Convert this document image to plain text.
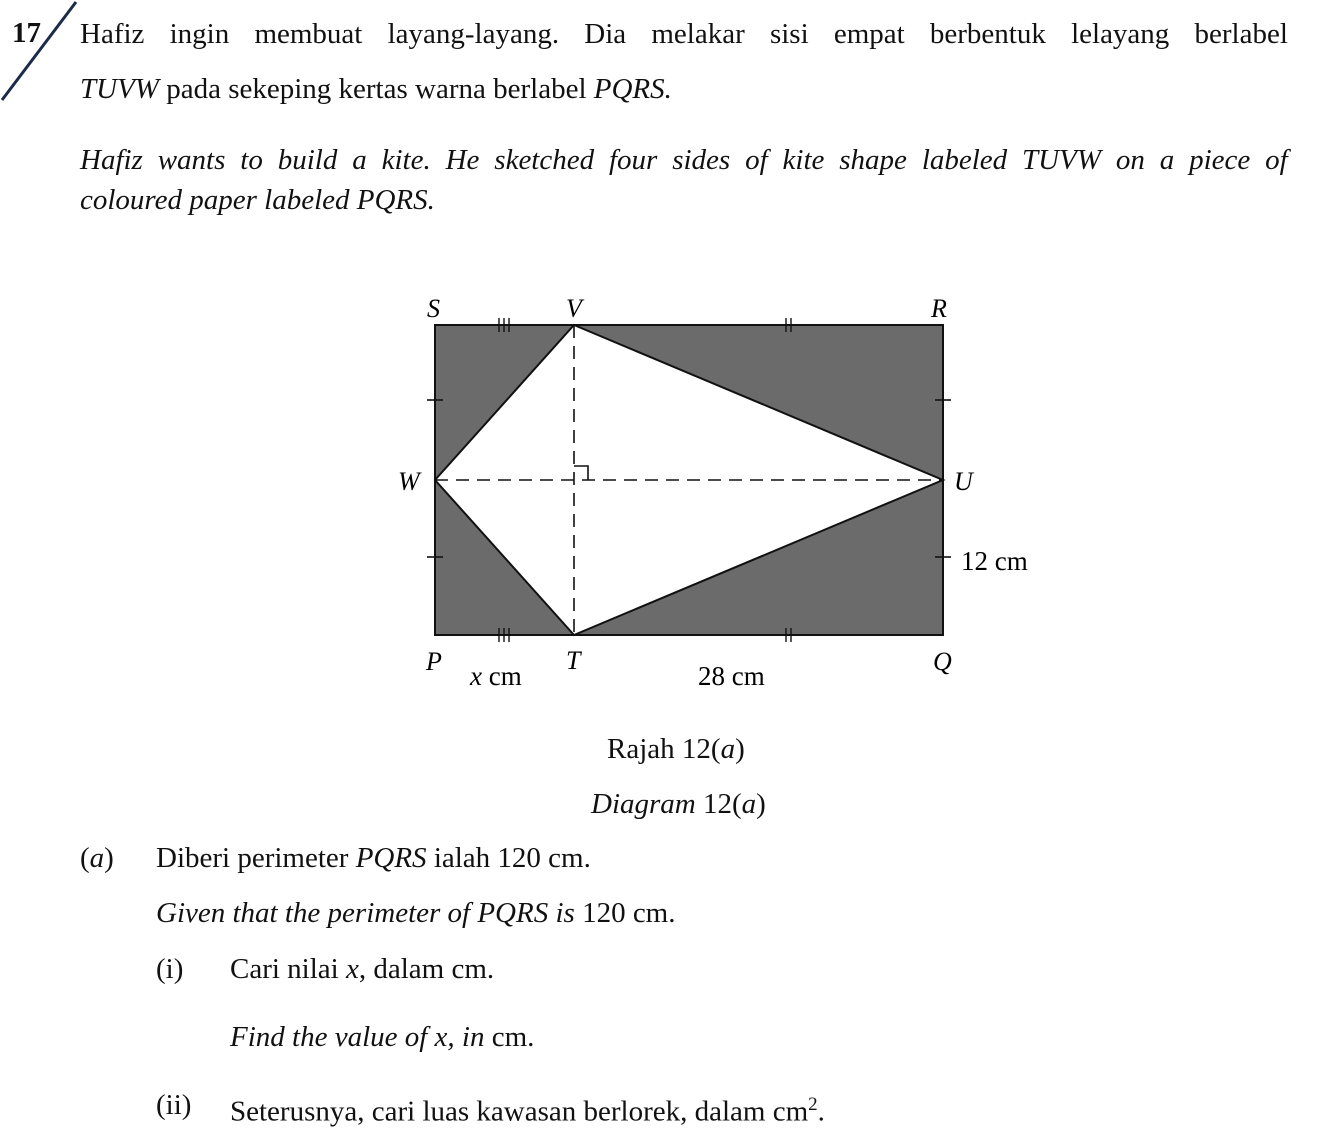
17 Hafiz ingin membuat layang-layang. Dia melakar sisi empat berbentuk lelayang berlabel
TUVW pada sekeping kertas warna berlabel PQRS.
Hafiz wants to build a kite. He sketched four sides of kite shape labeled TUVW on a piece of
coloured paper labeled PQRS.
S	V	R
W	U
P	T	Q
x cm	28 cm
12 cm
Rajah 12(a)
Diagram 12(a)
(a) Diberi perimeter PQRS ialah 120 cm.
Given that the perimeter of PQRS is 120 cm.
(i) Cari nilai x, dalam cm.
Find the value of x, in cm.
(ii) Seterusnya, cari luas kawasan berlorek, dalam $cm^2$.
